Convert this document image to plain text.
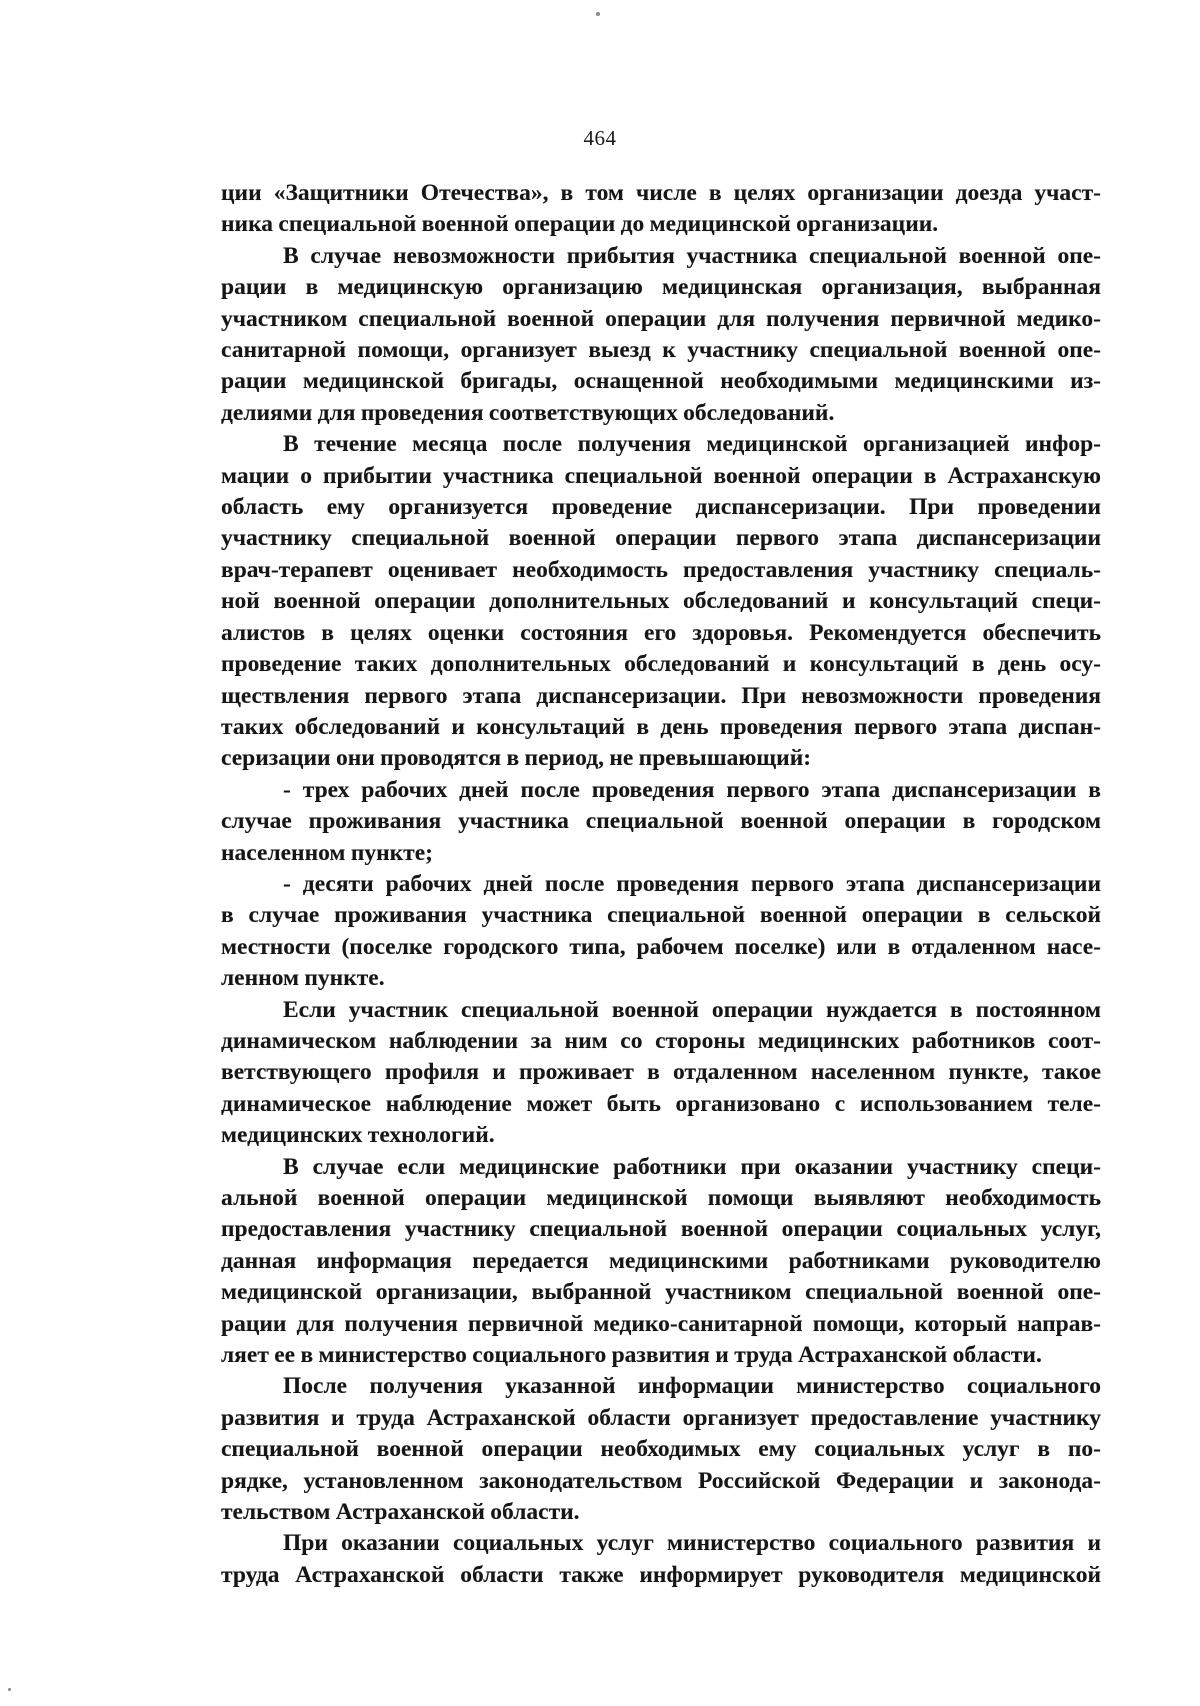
464

ции «Защитники Отечества», в том числе в целях организации доезда участ-
ника специальной военной операции до медицинской организации.

В случае невозможности прибытия участника специальной военной опе-
рации в медицинскую организацию медицинская организация, выбранная
участником специальной военной операции для получения первичной медико-
санитарной помощи, организует выезд к участнику специальной военной опе-
рации медицинской бригады, оснащенной необходимыми медицинскими из-
делиями для проведения соответствующих обследований.

В течение месяца после получения медицинской организацией инфор-
мации о прибытии участника специальной военной операции в Астраханскую
область ему организуется проведение диспансеризации. При проведении
участнику специальной военной операции первого этапа диспансеризации
врач-терапевт оценивает необходимость предоставления участнику специаль-
ной военной операции дополнительных обследований и консультаций специ-
алистов в целях оценки состояния его здоровья. Рекомендуется обеспечить
проведение таких дополнительных обследований и консультаций в день осу-
ществления первого этапа диспансеризации. При невозможности проведения
таких обследований и консультаций в день проведения первого этапа диспан-
серизации они проводятся в период, не превышающий:

- трех рабочих дней после проведения первого этапа диспансеризации в
случае проживания участника специальной военной операции в городском
населенном пункте;

- десяти рабочих дней после проведения первого этапа диспансеризации
в случае проживания участника специальной военной операции в сельской
местности (поселке городского типа, рабочем поселке) или в отдаленном насе-
ленном пункте.

Если участник специальной военной операции нуждается в постоянном
динамическом наблюдении за ним со стороны медицинских работников соот-
ветствующего профиля и проживает в отдаленном населенном пункте, такое
динамическое наблюдение может быть организовано с использованием теле-
медицинских технологий.

В случае если медицинские работники при оказании участнику специ-
альной военной операции медицинской помощи выявляют необходимость
предоставления участнику специальной военной операции социальных услуг,
данная информация передается медицинскими работниками руководителю
медицинской организации, выбранной участником специальной военной опе-
рации для получения первичной медико-санитарной помощи, который направ-
ляет ее в министерство социального развития и труда Астраханской области.

После получения указанной информации министерство социального
развития и труда Астраханской области организует предоставление участнику
специальной военной операции необходимых ему социальных услуг в по-
рядке, установленном законодательством Российской Федерации и законода-
тельством Астраханской области.

При оказании социальных услуг министерство социального развития и
труда Астраханской области также информирует руководителя медицинской
